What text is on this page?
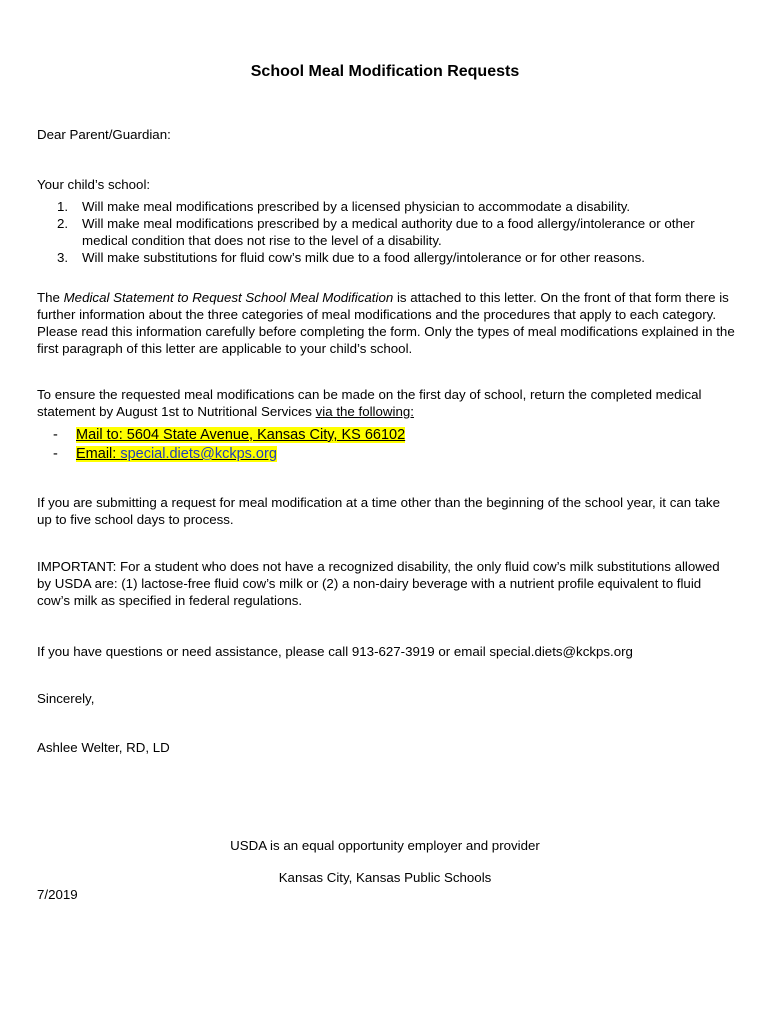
School Meal Modification Requests
Dear Parent/Guardian:
Your child’s school:
1. Will make meal modifications prescribed by a licensed physician to accommodate a disability.
2. Will make meal modifications prescribed by a medical authority due to a food allergy/intolerance or other medical condition that does not rise to the level of a disability.
3. Will make substitutions for fluid cow’s milk due to a food allergy/intolerance or for other reasons.
The Medical Statement to Request School Meal Modification is attached to this letter. On the front of that form there is further information about the three categories of meal modifications and the procedures that apply to each category. Please read this information carefully before completing the form. Only the types of meal modifications explained in the first paragraph of this letter are applicable to your child’s school.
To ensure the requested meal modifications can be made on the first day of school, return the completed medical statement by August 1st to Nutritional Services via the following:
- Mail to: 5604 State Avenue, Kansas City, KS 66102
- Email: special.diets@kckps.org
If you are submitting a request for meal modification at a time other than the beginning of the school year, it can take up to five school days to process.
IMPORTANT: For a student who does not have a recognized disability, the only fluid cow’s milk substitutions allowed by USDA are: (1) lactose-free fluid cow’s milk or (2) a non-dairy beverage with a nutrient profile equivalent to fluid cow’s milk as specified in federal regulations.
If you have questions or need assistance, please call 913-627-3919 or email special.diets@kckps.org
Sincerely,
Ashlee Welter, RD, LD
USDA is an equal opportunity employer and provider
Kansas City, Kansas Public Schools
7/2019
